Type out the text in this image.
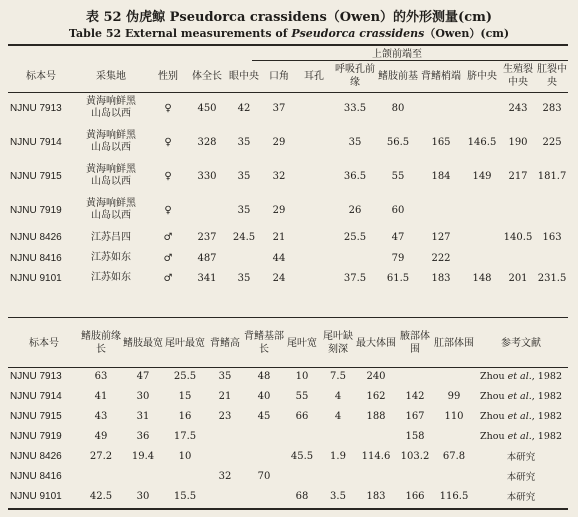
表 52 伪虎鲸 Pseudorca crassidens（Owen）的外形测量(cm)
Table 52 External measurements of Pseudorca crassidens（Owen）(cm)
				上颌前端至								
标本号	采集地	性别	体全长	眼中央	口角	耳孔	呼吸孔前缘	鳍肢前基	背鳍梢端	脐中央	生殖裂中央	肛裂中央
NJNU 7913	黄海响鲜黑
山岛以西	♀	450	42	37		33.5	80			243	283
NJNU 7914	黄海响鲜黑
山岛以西	♀	328	35	29		35	56.5	165	146.5	190	225
NJNU 7915	黄海响鲜黑
山岛以西	♀	330	35	32		36.5	55	184	149	217	181.7
NJNU 7919	黄海响鲜黑
山岛以西	♀		35	29		26	60				
NJNU 8426	江苏吕四	♂	237	24.5	21		25.5	47	127		140.5	163
NJNU 8416	江苏如东	♂	487		44			79	222			
NJNU 9101	江苏如东	♂	341	35	24		37.5	61.5	183	148	201	231.5
标本号	鳍肢前缘长	鳍肢最宽	尾叶最宽	背鳍高	背鳍基部长	尾叶宽	尾叶缺刻深	最大体围	腋部体围	肛部体围	参考文献
NJNU 7913	63	47	25.5	35	48	10	7.5	240			Zhou et al., 1982
NJNU 7914	41	30	15	21	40	55	4	162	142	99	Zhou et al., 1982
NJNU 7915	43	31	16	23	45	66	4	188	167	110	Zhou et al., 1982
NJNU 7919	49	36	17.5						158		Zhou et al., 1982
NJNU 8426	27.2	19.4	10			45.5	1.9	114.6	103.2	67.8	本研究
NJNU 8416				32	70						本研究
NJNU 9101	42.5	30	15.5			68	3.5	183	166	116.5	本研究
